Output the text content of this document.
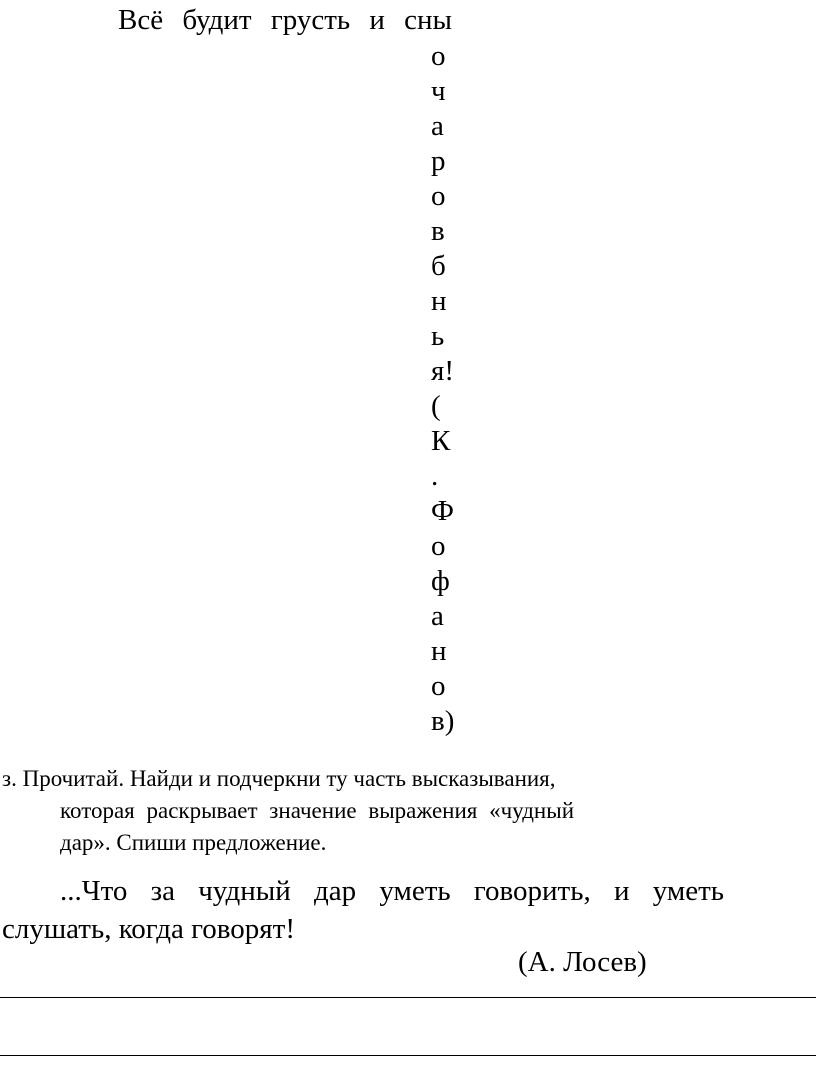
Всё будит грусть и сны
о
ч
а
р
о
в
б
н
ь
я!
(
К
.
Ф
о
ф
а
н
о
в)
з. Прочитай. Найди и подчеркни ту часть высказывания,
которая раскрывает значение выражения «чудный
дар». Спиши предложение.
...Что за чудный дар уметь говорить, и уметь
слушать, когда говорят!
(А. Лосев)
